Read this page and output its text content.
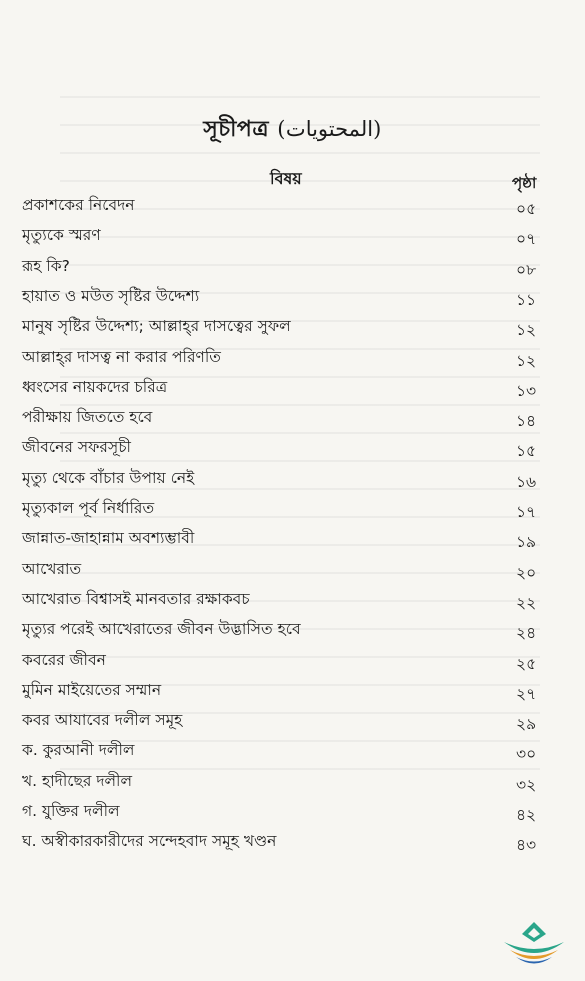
সূচীপত্র (المحتويات)
বিষয়	পৃষ্ঠা
প্রকাশকের নিবেদন	০৫
মৃত্যুকে স্মরণ	০৭
রূহ কি?	০৮
হায়াত ও মউত সৃষ্টির উদ্দেশ্য	১১
মানুষ সৃষ্টির উদ্দেশ্য; আল্লাহ্‌র দাসত্বের সুফল	১২
আল্লাহ্‌র দাসত্ব না করার পরিণতি	১২
ধ্বংসের নায়কদের চরিত্র	১৩
পরীক্ষায় জিততে হবে	১৪
জীবনের সফরসূচী	১৫
মৃত্যু থেকে বাঁচার উপায় নেই	১৬
মৃত্যুকাল পূর্ব নির্ধারিত	১৭
জান্নাত-জাহান্নাম অবশ্যম্ভাবী	১৯
আখেরাত	২০
আখেরাত বিশ্বাসই মানবতার রক্ষাকবচ	২২
মৃত্যুর পরেই আখেরাতের জীবন উদ্ভাসিত হবে	২৪
কবরের জীবন	২৫
মুমিন মাইয়েতের সম্মান	২৭
কবর আযাবের দলীল সমূহ	২৯
ক. কুরআনী দলীল	৩০
খ. হাদীছের দলীল	৩২
গ. যুক্তির দলীল	৪২
ঘ. অস্বীকারকারীদের সন্দেহবাদ সমূহ খণ্ডন	৪৩
